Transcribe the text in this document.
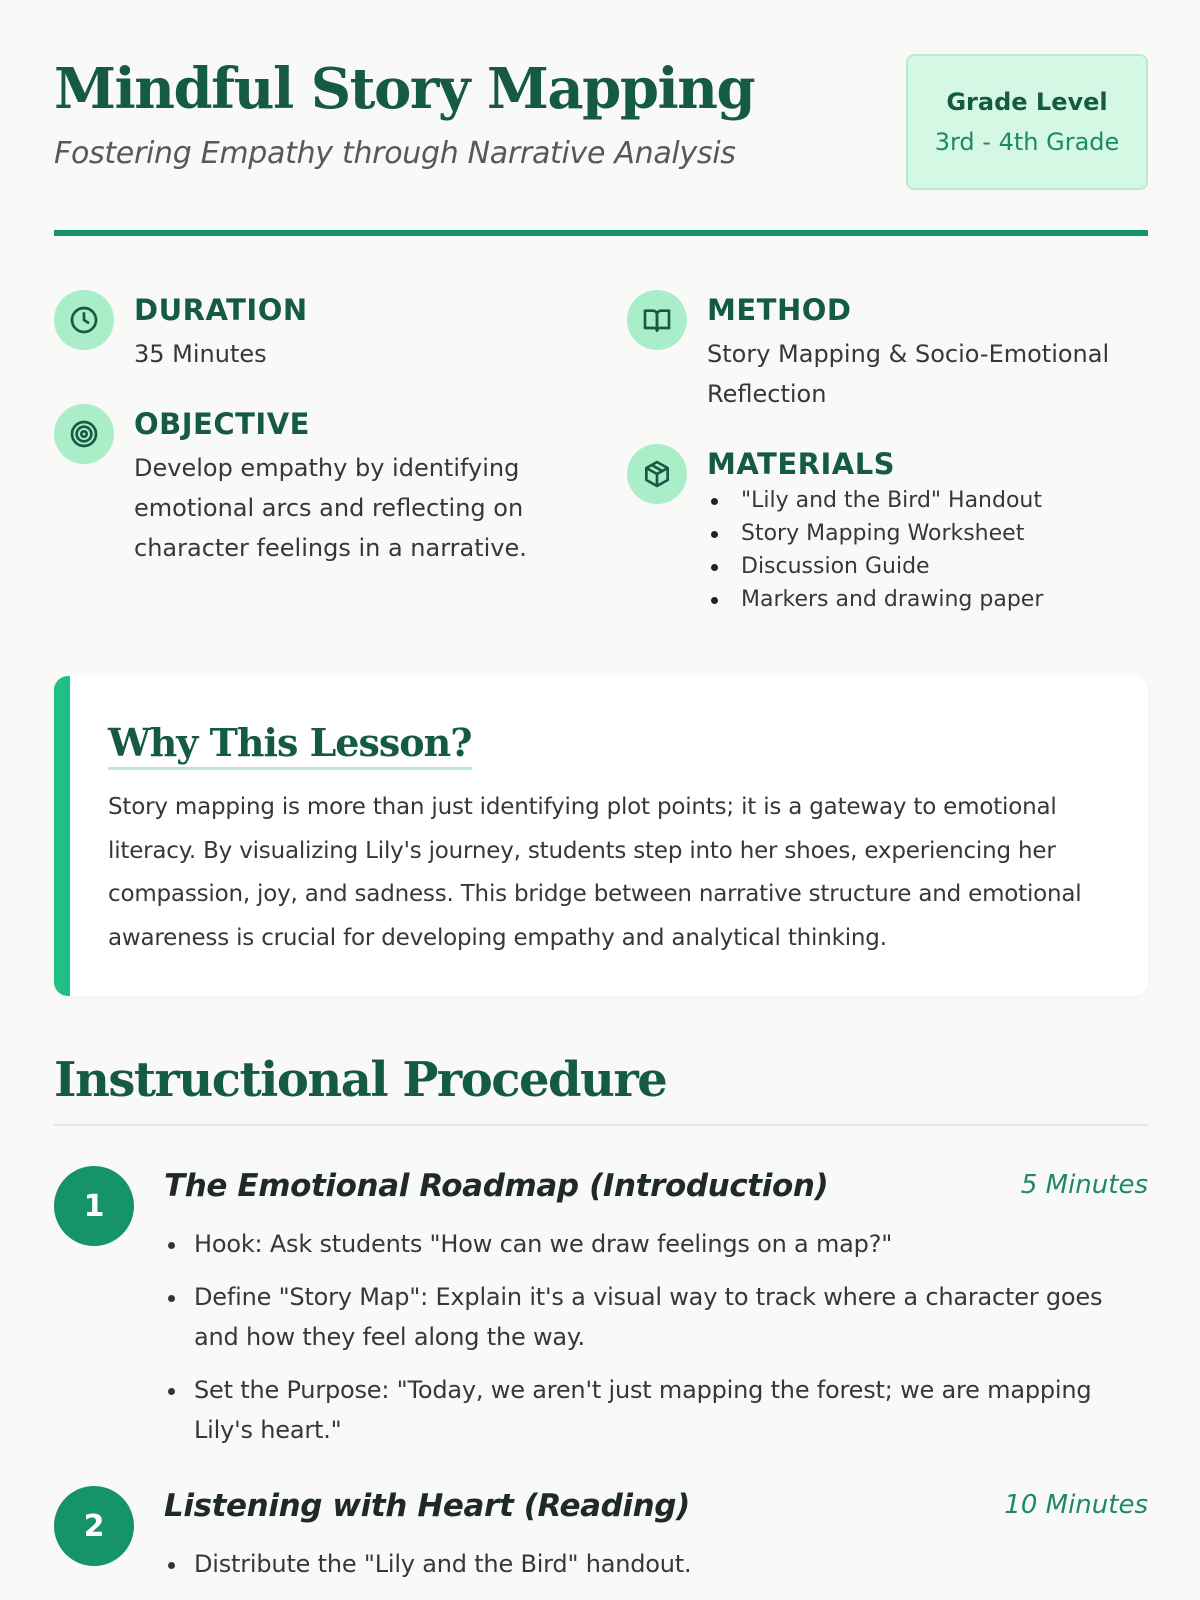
Mindful Story Mapping
Fostering Empathy through Narrative Analysis
Grade Level
3rd - 4th Grade
DURATION
35 Minutes
OBJECTIVE
Develop empathy by identifying emotional arcs and reflecting on character feelings in a narrative.
METHOD
Story Mapping & Socio-Emotional Reflection
MATERIALS
"Lily and the Bird" Handout
Story Mapping Worksheet
Discussion Guide
Markers and drawing paper
Why This Lesson?
Story mapping is more than just identifying plot points; it is a gateway to emotional literacy. By visualizing Lily's journey, students step into her shoes, experiencing her compassion, joy, and sadness. This bridge between narrative structure and emotional awareness is crucial for developing empathy and analytical thinking.
Instructional Procedure
1
The Emotional Roadmap (Introduction)	5 Minutes
Hook: Ask students "How can we draw feelings on a map?"
Define "Story Map": Explain it's a visual way to track where a character goes and how they feel along the way.
Set the Purpose: "Today, we aren't just mapping the forest; we are mapping Lily's heart."
2
Listening with Heart (Reading)	10 Minutes
Distribute the "Lily and the Bird" handout.
